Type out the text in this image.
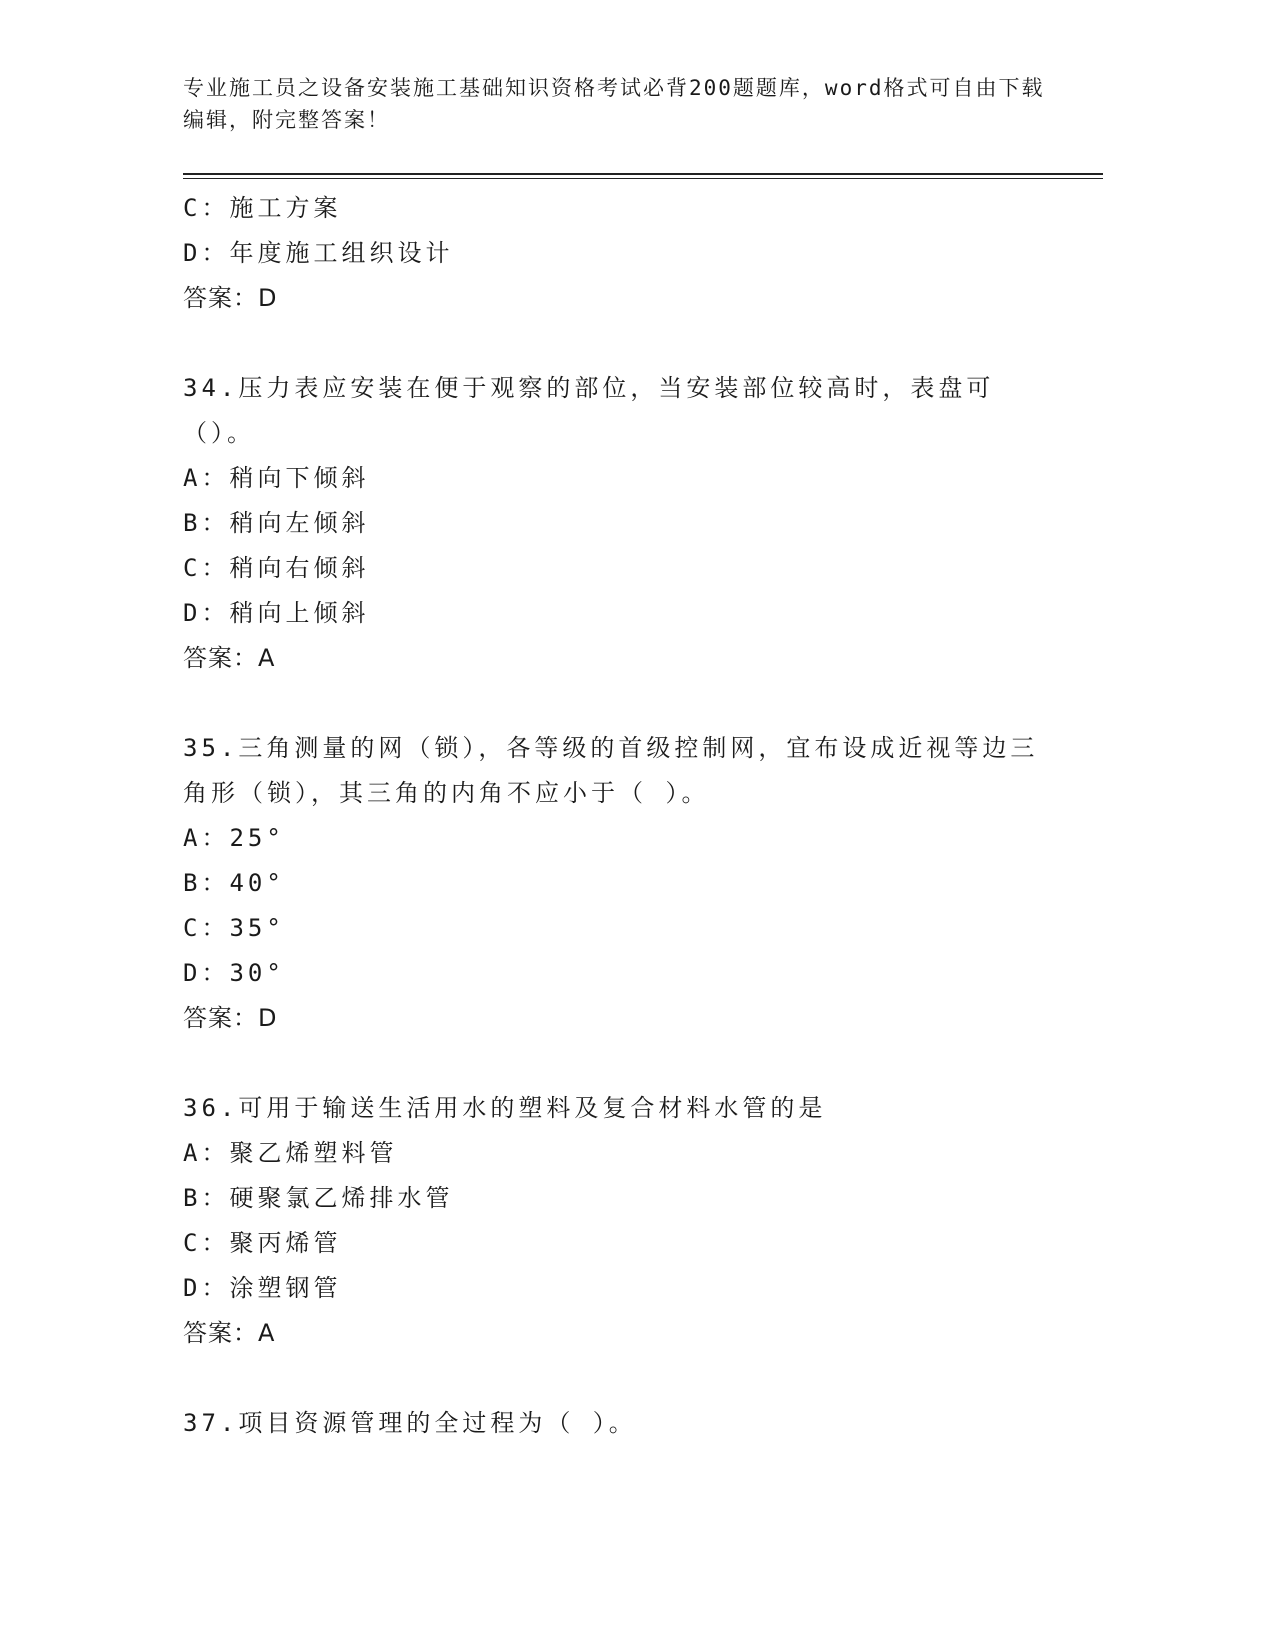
专业施工员之设备安装施工基础知识资格考试必背200题题库，word格式可自由下载编辑，附完整答案！
C：施工方案
D：年度施工组织设计
答案：D
34.压力表应安装在便于观察的部位，当安装部位较高时，表盘可（）。
A：稍向下倾斜
B：稍向左倾斜
C：稍向右倾斜
D：稍向上倾斜
答案：A
35.三角测量的网（锁），各等级的首级控制网，宜布设成近视等边三角形（锁），其三角的内角不应小于（ ）。
A：25°
B：40°
C：35°
D：30°
答案：D
36.可用于输送生活用水的塑料及复合材料水管的是
A：聚乙烯塑料管
B：硬聚氯乙烯排水管
C：聚丙烯管
D：涂塑钢管
答案：A
37.项目资源管理的全过程为（ ）。
